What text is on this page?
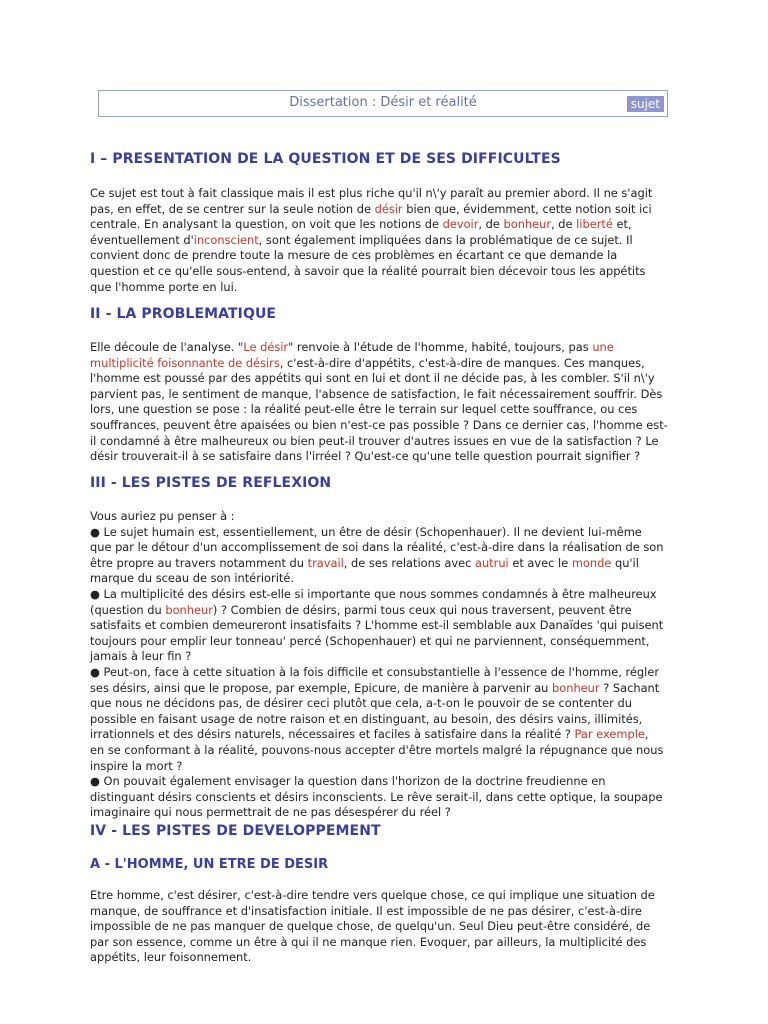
Dissertation : Désir et réalité	sujet
I – PRESENTATION DE LA QUESTION ET DE SES DIFFICULTES
Ce sujet est tout à fait classique mais il est plus riche qu'il n\'y paraît au premier abord. Il ne s'agit
pas, en effet, de se centrer sur la seule notion de désir bien que, évidemment, cette notion soit ici
centrale. En analysant la question, on voit que les notions de devoir, de bonheur, de liberté et,
éventuellement d'inconscient, sont également impliquées dans la problématique de ce sujet. Il
convient donc de prendre toute la mesure de ces problèmes en écartant ce que demande la
question et ce qu'elle sous-entend, à savoir que la réalité pourrait bien décevoir tous les appétits
que l'homme porte en lui.
II - LA PROBLEMATIQUE
Elle découle de l'analyse. "Le désir" renvoie à l'étude de l'homme, habité, toujours, pas une
multiplicité foisonnante de désirs, c'est-à-dire d'appétits, c'est-à-dire de manques. Ces manques,
l'homme est poussé par des appétits qui sont en lui et dont il ne décide pas, à les combler. S'il n\'y
parvient pas, le sentiment de manque, l'absence de satisfaction, le fait nécessairement souffrir. Dès
lors, une question se pose : la réalité peut-elle être le terrain sur lequel cette souffrance, ou ces
souffrances, peuvent être apaisées ou bien n'est-ce pas possible ? Dans ce dernier cas, l'homme est-
il condamné à être malheureux ou bien peut-il trouver d'autres issues en vue de la satisfaction ? Le
désir trouverait-il à se satisfaire dans l'irréel ? Qu'est-ce qu'une telle question pourrait signifier ?
III - LES PISTES DE REFLEXION
Vous auriez pu penser à :
● Le sujet humain est, essentiellement, un être de désir (Schopenhauer). Il ne devient lui-même
que par le détour d'un accomplissement de soi dans la réalité, c'est-à-dire dans la réalisation de son
être propre au travers notamment du travail, de ses relations avec autrui et avec le monde qu'il
marque du sceau de son intériorité.
● La multiplicité des désirs est-elle si importante que nous sommes condamnés à être malheureux
(question du bonheur) ? Combien de désirs, parmi tous ceux qui nous traversent, peuvent être
satisfaits et combien demeureront insatisfaits ? L'homme est-il semblable aux Danaïdes 'qui puisent
toujours pour emplir leur tonneau' percé (Schopenhauer) et qui ne parviennent, conséquemment,
jamais à leur fin ?
● Peut-on, face à cette situation à la fois difficile et consubstantielle à l'essence de l'homme, régler
ses désirs, ainsi que le propose, par exemple, Epicure, de manière à parvenir au bonheur ? Sachant
que nous ne décidons pas, de désirer ceci plutôt que cela, a-t-on le pouvoir de se contenter du
possible en faisant usage de notre raison et en distinguant, au besoin, des désirs vains, illimités,
irrationnels et des désirs naturels, nécessaires et faciles à satisfaire dans la réalité ? Par exemple,
en se conformant à la réalité, pouvons-nous accepter d'être mortels malgré la répugnance que nous
inspire la mort ?
● On pouvait également envisager la question dans l'horizon de la doctrine freudienne en
distinguant désirs conscients et désirs inconscients. Le rêve serait-il, dans cette optique, la soupape
imaginaire qui nous permettrait de ne pas désespérer du réel ?
IV - LES PISTES DE DEVELOPPEMENT
A - L'HOMME, UN ETRE DE DESIR
Etre homme, c'est désirer, c'est-à-dire tendre vers quelque chose, ce qui implique une situation de
manque, de souffrance et d'insatisfaction initiale. Il est impossible de ne pas désirer, c'est-à-dire
impossible de ne pas manquer de quelque chose, de quelqu'un. Seul Dieu peut-être considéré, de
par son essence, comme un être à qui il ne manque rien. Evoquer, par ailleurs, la multiplicité des
appétits, leur foisonnement.
